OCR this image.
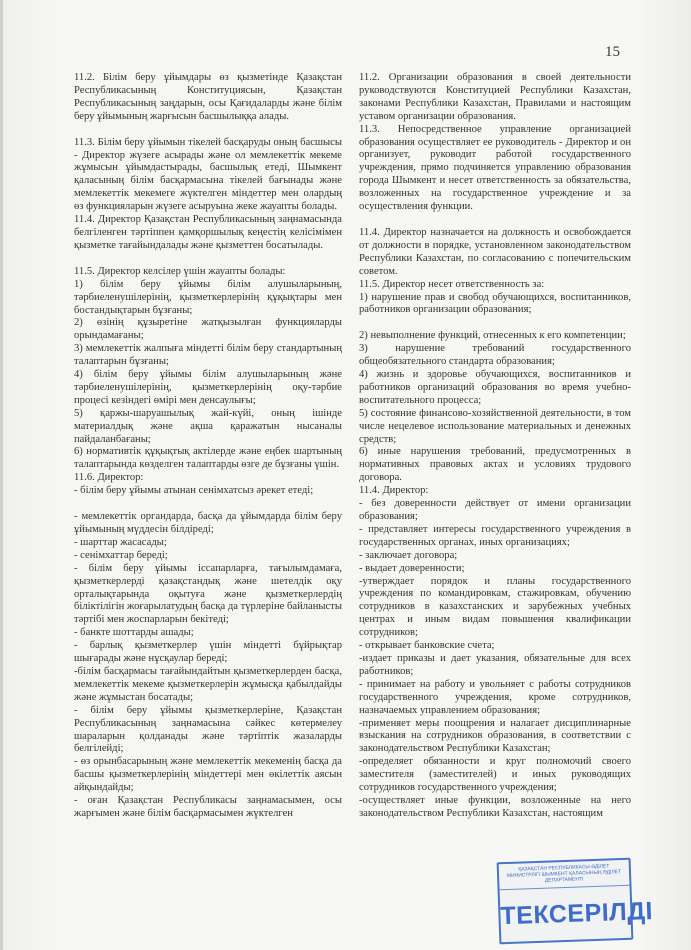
15

11.2. Білім беру ұйымдары өз қызметінде Қазақстан Республикасының Конституциясын, Қазақстан Республикасының заңдарын, осы Қағидаларды және білім беру ұйымының жарғысын басшылыққа алады.

11.3. Білім беру ұйымын тікелей басқаруды оның басшысы - Директор жүзеге асырады және ол мемлекеттік мекеме жұмысын ұйымдастырады, басшылық етеді, Шымкент қаласының білім басқармасына тікелей бағынады және мемлекеттік мекемеге жүктелген міндеттер мен олардың өз функцияларын жүзеге асыруына жеке жауапты болады.

11.4. Директор Қазақстан Республикасының заңнамасында белгіленген тәртіппен қамқоршылық кеңестің келісімімен қызметке тағайындалады және қызметтен босатылады.

11.5. Директор келсілер үшін жауапты болады:
1) білім беру ұйымы білім алушыларының, тәрбиеленушілерінің, қызметкерлерінің құқықтары мен бостандықтарын бұзғаны;
2) өзінің құзыретіне жатқызылған функцияларды орындамағаны;
3) мемлекеттік жалпыға міндетті білім беру стандартының талаптарын бұзғаны;
4) білім беру ұйымы білім алушыларының және тәрбиеленушілерінің, қызметкерлерінің оқу-тәрбие процесі кезіндегі өмірі мен денсаулығы;
5) қаржы-шаруашылық жай-күйі, оның ішінде материалдық және ақша қаражатын нысаналы пайдаланбағаны;
6) нормативтік құқықтық актілерде және еңбек шартының талаптарында көзделген талаптарды өзге де бұзғаны үшін.
11.6. Директор:
- білім беру ұйымы атынан сенімхатсыз әрекет етеді;

- мемлекеттік органдарда, басқа да ұйымдарда білім беру ұйымының мүддесін білдіреді;
- шарттар жасасады;
- сенімхаттар береді;
- білім беру ұйымы іссапарларға, тағылымдамаға, қызметкерлерді қазақстандық және шетелдік оқу орталықтарында оқытуға және қызметкерлердің біліктілігін жоғарылатудың басқа да түрлеріне байланысты тәртібі мен жоспарларын бекітеді;
- банкте шоттарды ашады;
- барлық қызметкерлер үшін міндетті бұйрықтар шығарады және нұсқаулар береді;
-білім басқармасы тағайындайтын қызметкерлерден басқа, мемлекеттік мекеме қызметкерлерін жұмысқа қабылдайды және жұмыстан босатады;
- білім беру ұйымы қызметкерлеріне, Қазақстан Республикасының заңнамасына сәйкес көтермелеу шараларын қолданады және тәртіптік жазаларды белгілейді;
- өз орынбасарының және мемлекеттік мекеменің басқа да басшы қызметкерлерінің міндеттері мен өкілеттік аясын айқындайды;
- оған Қазақстан Республикасы заңнамасымен, осы жарғымен және білім басқармасымен жүктелген

11.2. Организации образования в своей деятельности руководствуются Конституцией Республики Казахстан, законами Республики Казахстан, Правилами и настоящим уставом организации образования.

11.3. Непосредственное управление организацией образования осуществляет ее руководитель - Директор и он организует, руководит работой государственного учреждения, прямо подчиняется управлению образования города Шымкент и несет ответственность за обязательства, возложенных на государственное учреждение и за осуществления функции.

11.4. Директор назначается на должность и освобождается от должности в порядке, установленном законодательством Республики Казахстан, по согласованию с попечительским советом.
11.5. Директор несет ответственность за:
1) нарушение прав и свобод обучающихся, воспитанников, работников организации образования;

2) невыполнение функций, отнесенных к его компетенции;
3) нарушение требований государственного общеобязательного стандарта образования;
4) жизнь и здоровье обучающихся, воспитанников и работников организаций образования во время учебно-воспитательного процесса;
5) состояние финансово-хозяйственной деятельности, в том числе нецелевое использование материальных и денежных средств;
6) иные нарушения требований, предусмотренных в нормативных правовых актах и условиях трудового договора.
11.4. Директор:
- без доверенности действует от имени организации образования;
- представляет интересы государственного учреждения в государственных органах, иных организациях;
- заключает договора;
- выдает доверенности;
-утверждает порядок и планы государственного учреждения по командировкам, стажировкам, обучению сотрудников в казахстанских и зарубежных учебных центрах и иным видам повышения квалификации сотрудников;
- открывает банковские счета;
-издает приказы и дает указания, обязательные для всех работников;
- принимает на работу и увольняет с работы сотрудников государственного учреждения, кроме сотрудников, назначаемых управлением образования;
-применяет меры поощрения и налагает дисциплинарные взыскания на сотрудников образования, в соответствии с законодательством Республики Казахстан;
-определяет обязанности и круг полномочий своего заместителя (заместителей) и иных руководящих сотрудников государственного учреждения;
-осуществляет иные функции, возложенные на него законодательством Республики Казахстан, настоящим

ҚАЗАҚСТАН РЕСПУБЛИКАСЫ ӘДІЛЕТ МИНИСТРЛІГІ ШЫМКЕНТ ҚАЛАСЫНЫҢ ӘДІЛЕТ ДЕПАРТАМЕНТІ
ТЕКСЕРІЛДІ
